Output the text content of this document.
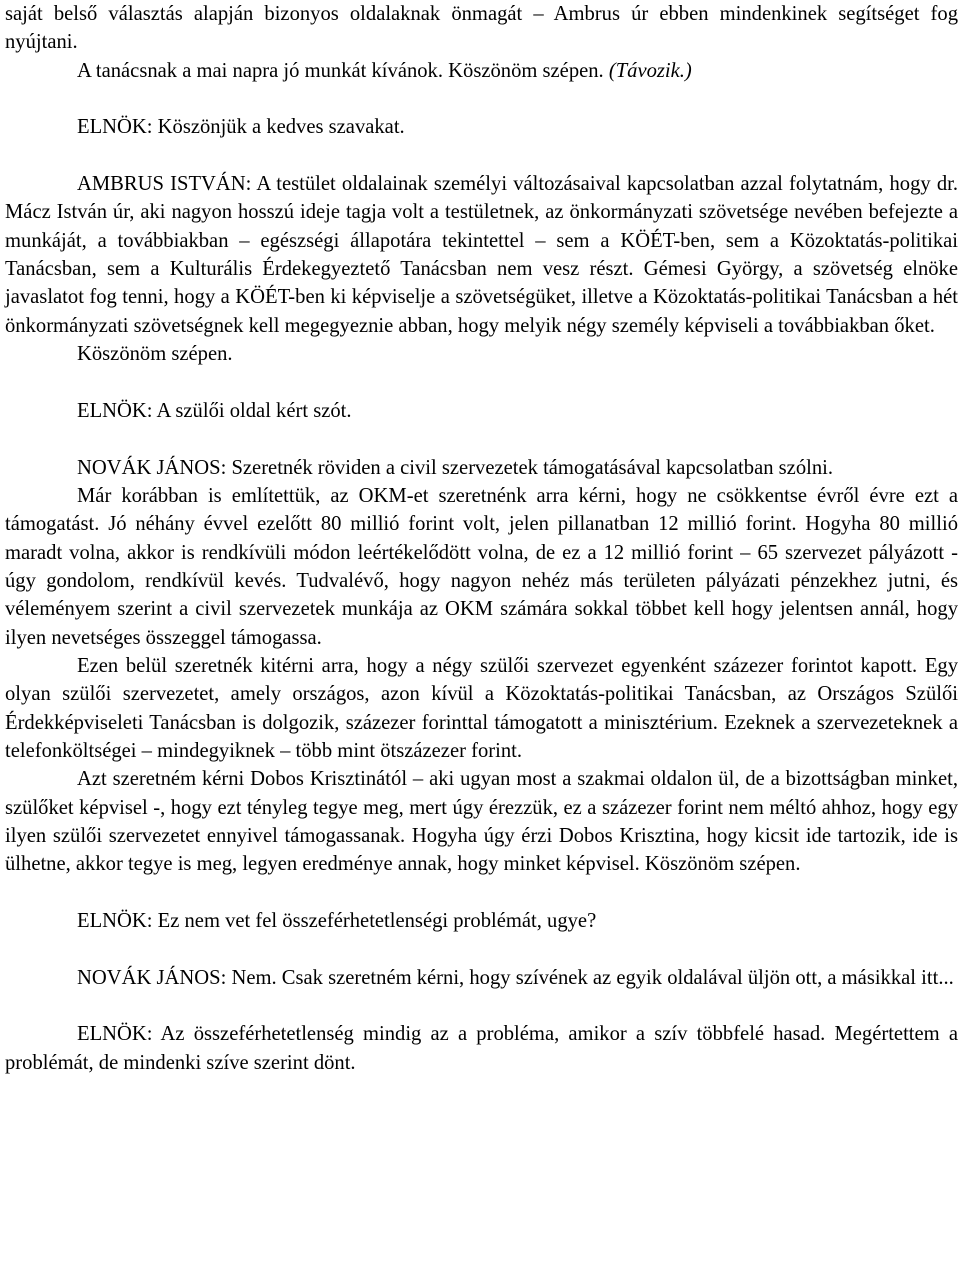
saját belső választás alapján bizonyos oldalaknak önmagát – Ambrus úr ebben mindenkinek segítséget fog nyújtani.

A tanácsnak a mai napra jó munkát kívánok. Köszönöm szépen. (Távozik.)

ELNÖK: Köszönjük a kedves szavakat.

AMBRUS ISTVÁN: A testület oldalainak személyi változásaival kapcsolatban azzal folytatnám, hogy dr. Mácz István úr, aki nagyon hosszú ideje tagja volt a testületnek, az önkormányzati szövetsége nevében befejezte a munkáját, a továbbiakban – egészségi állapotára tekintettel – sem a KÖÉT-ben, sem a Közoktatás-politikai Tanácsban, sem a Kulturális Érdekegyeztető Tanácsban nem vesz részt. Gémesi György, a szövetség elnöke javaslatot fog tenni, hogy a KÖÉT-ben ki képviselje a szövetségüket, illetve a Közoktatás-politikai Tanácsban a hét önkormányzati szövetségnek kell megegyeznie abban, hogy melyik négy személy képviseli a továbbiakban őket.

Köszönöm szépen.

ELNÖK: A szülői oldal kért szót.

NOVÁK JÁNOS: Szeretnék röviden a civil szervezetek támogatásával kapcsolatban szólni.

Már korábban is említettük, az OKM-et szeretnénk arra kérni, hogy ne csökkentse évről évre ezt a támogatást. Jó néhány évvel ezelőtt 80 millió forint volt, jelen pillanatban 12 millió forint. Hogyha 80 millió maradt volna, akkor is rendkívüli módon leértékelődött volna, de ez a 12 millió forint – 65 szervezet pályázott - úgy gondolom, rendkívül kevés. Tudvalévő, hogy nagyon nehéz más területen pályázati pénzekhez jutni, és véleményem szerint a civil szervezetek munkája az OKM számára sokkal többet kell hogy jelentsen annál, hogy ilyen nevetséges összeggel támogassa.

Ezen belül szeretnék kitérni arra, hogy a négy szülői szervezet egyenként százezer forintot kapott. Egy olyan szülői szervezetet, amely országos, azon kívül a Közoktatás-politikai Tanácsban, az Országos Szülői Érdekképviseleti Tanácsban is dolgozik, százezer forinttal támogatott a minisztérium. Ezeknek a szervezeteknek a telefonköltségei – mindegyiknek – több mint ötszázezer forint.

Azt szeretném kérni Dobos Krisztinától – aki ugyan most a szakmai oldalon ül, de a bizottságban minket, szülőket képvisel -, hogy ezt tényleg tegye meg, mert úgy érezzük, ez a százezer forint nem méltó ahhoz, hogy egy ilyen szülői szervezetet ennyivel támogassanak. Hogyha úgy érzi Dobos Krisztina, hogy kicsit ide tartozik, ide is ülhetne, akkor tegye is meg, legyen eredménye annak, hogy minket képvisel. Köszönöm szépen.

ELNÖK: Ez nem vet fel összeférhetetlenségi problémát, ugye?

NOVÁK JÁNOS: Nem. Csak szeretném kérni, hogy szívének az egyik oldalával üljön ott, a másikkal itt...

ELNÖK: Az összeférhetetlenség mindig az a probléma, amikor a szív többfelé hasad. Megértettem a problémát, de mindenki szíve szerint dönt.
